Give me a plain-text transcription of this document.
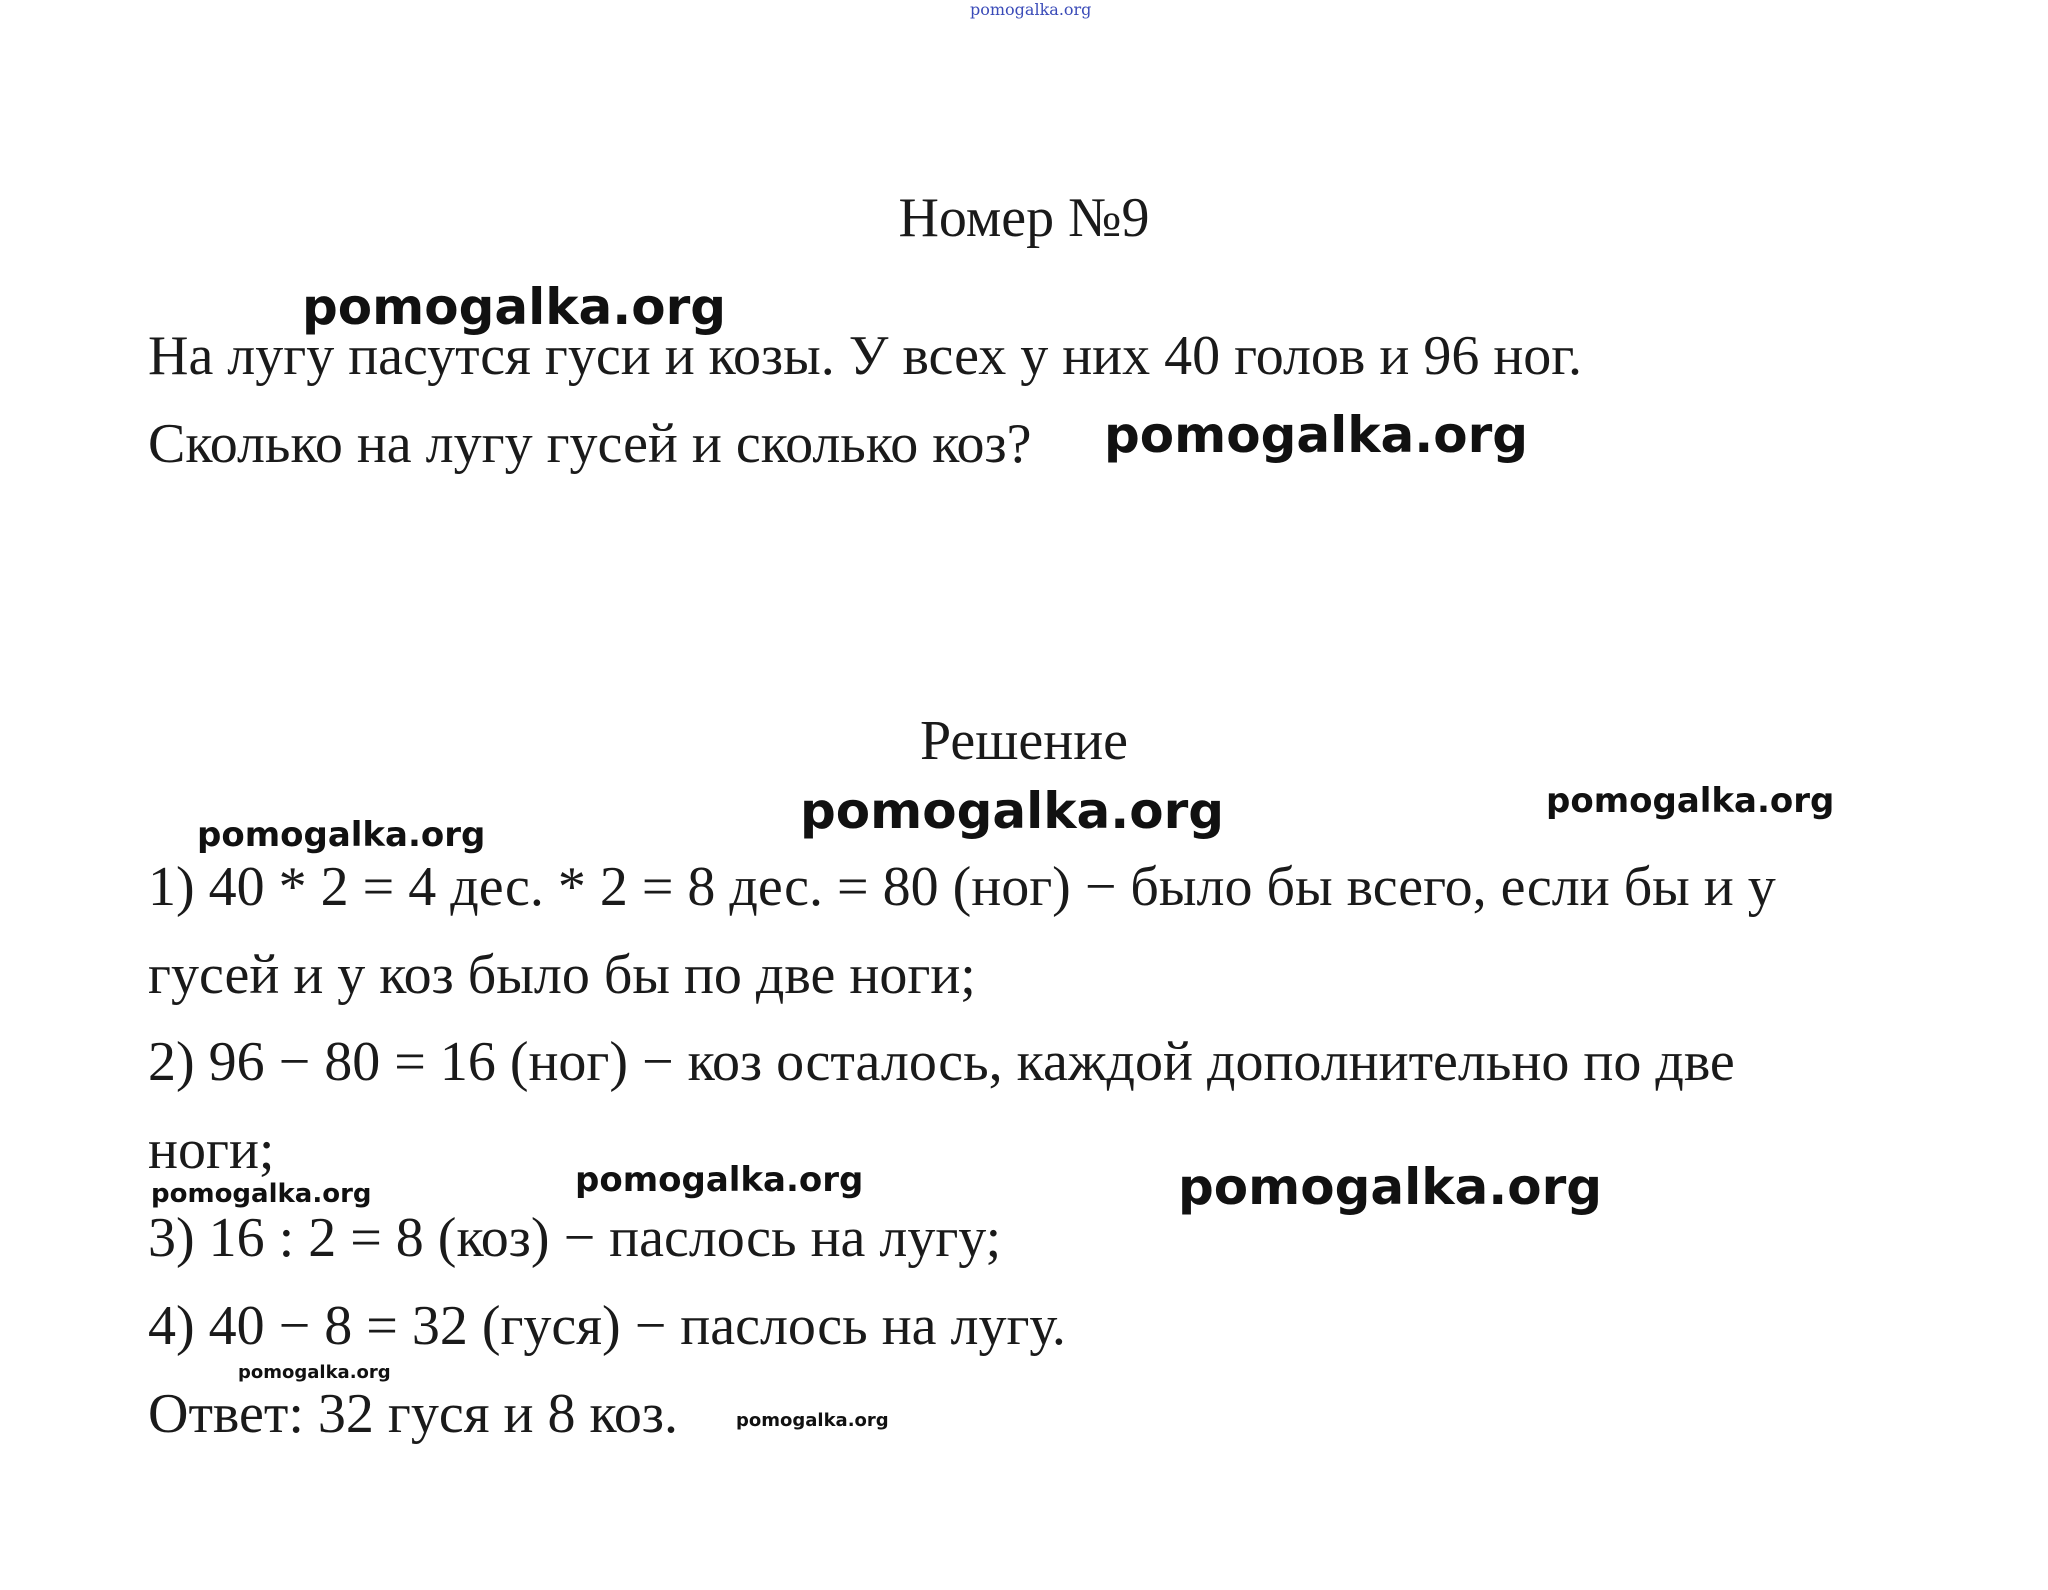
pomogalka.org
Номер №9
На лугу пасутся гуси и козы. У всех у них 40 голов и 96 ног.
Сколько на лугу гусей и сколько коз?
Решение
1) 40 * 2 = 4 дес. * 2 = 8 дес. = 80 (ног) − было бы всего, если бы и у
гусей и у коз было бы по две ноги;
2) 96 − 80 = 16 (ног) − коз осталось, каждой дополнительно по две
ноги;
3) 16 : 2 = 8 (коз) − паслось на лугу;
4) 40 − 8 = 32 (гуся) − паслось на лугу.
Ответ: 32 гуся и 8 коз.
pomogalka.org
pomogalka.org
pomogalka.org	pomogalka.org
pomogalka.org
pomogalka.org	pomogalka.org	pomogalka.org
pomogalka.org
pomogalka.org
